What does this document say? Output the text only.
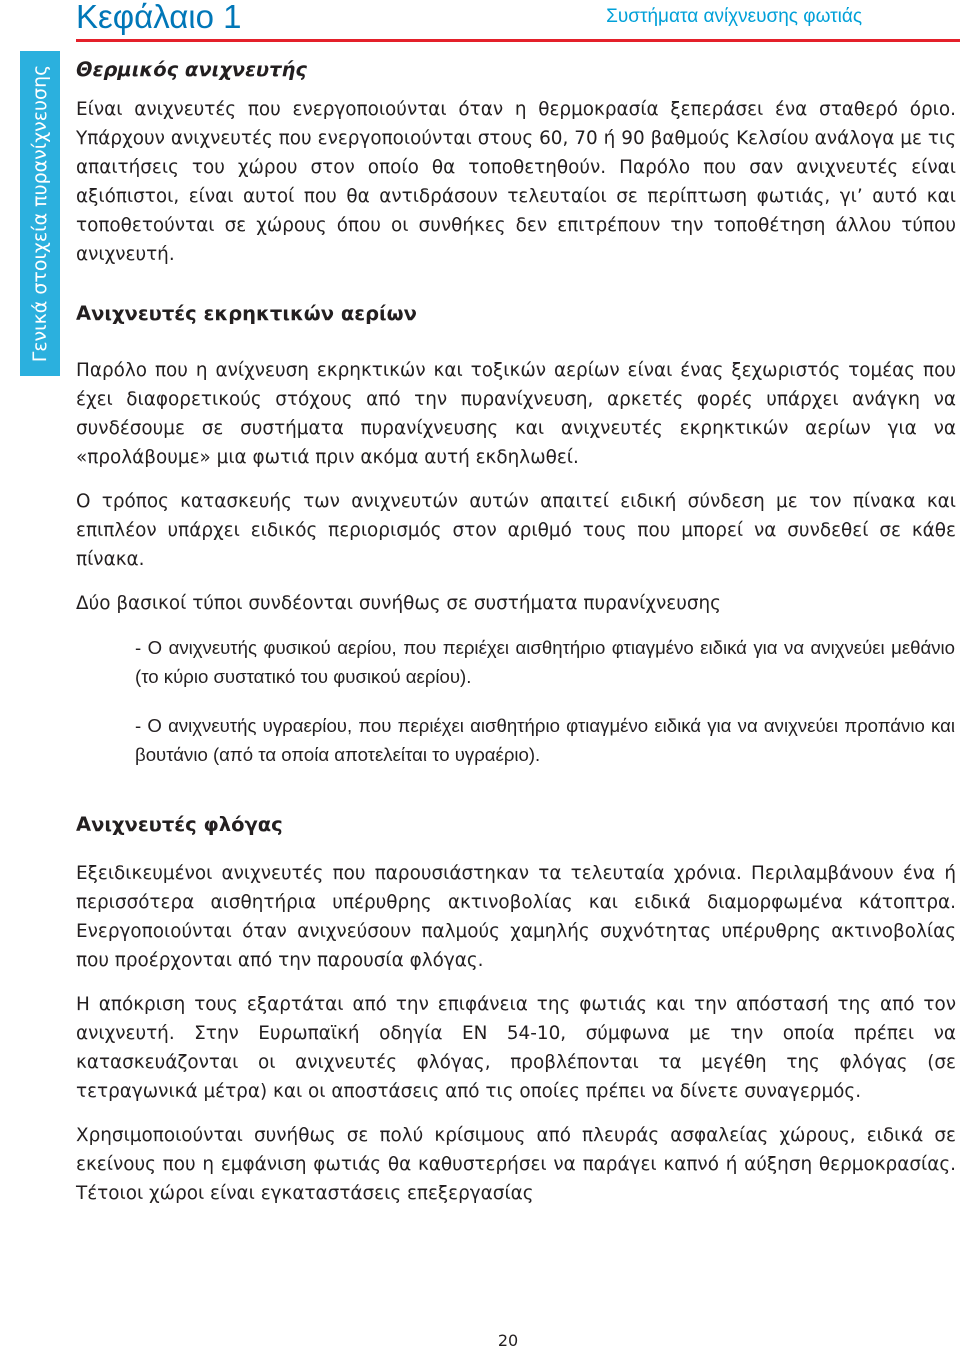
Κεφάλαιο 1	Συστήματα ανίχνευσης φωτιάς
Γενικά στοιχεία πυρανίχνευσης	Θερμικός ανιχνευτής

Είναι ανιχνευτές που ενεργοποιούνται όταν η θερμοκρασία ξεπεράσει ένα σταθερό όριο. Υπάρχουν ανιχνευτές που ενεργοποιούνται στους 60, 70 ή 90 βαθμούς Κελσίου ανάλογα με τις απαιτήσεις του χώρου στον οποίο θα τοποθετηθούν. Παρόλο που σαν ανιχνευτές είναι αξιόπιστοι, είναι αυτοί που θα αντιδράσουν τελευταίοι σε περίπτωση φωτιάς, γι’ αυτό και τοποθετούνται σε χώρους όπου οι συνθήκες δεν επιτρέπουν την τοποθέτηση άλλου τύπου ανιχνευτή.

Ανιχνευτές εκρηκτικών αερίων

Παρόλο που η ανίχνευση εκρηκτικών και τοξικών αερίων είναι ένας ξεχωριστός τομέας που έχει διαφορετικούς στόχους από την πυρανίχνευση, αρκετές φορές υπάρχει ανάγκη να συνδέσουμε σε συστήματα πυρανίχνευσης και ανιχνευτές εκρηκτικών αερίων για να «προλάβουμε» μια φωτιά πριν ακόμα αυτή εκδηλωθεί.

Ο τρόπος κατασκευής των ανιχνευτών αυτών απαιτεί ειδική σύνδεση με τον πίνακα και επιπλέον υπάρχει ειδικός περιορισμός στον αριθμό τους που μπορεί να συνδεθεί σε κάθε πίνακα.

Δύο βασικοί τύποι συνδέονται συνήθως σε συστήματα πυρανίχνευσης

- Ο ανιχνευτής φυσικού αερίου, που περιέχει αισθητήριο φτιαγμένο ειδικά για να ανιχνεύει μεθάνιο (το κύριο συστατικό του φυσικού αερίου).

- Ο ανιχνευτής υγραερίου, που περιέχει αισθητήριο φτιαγμένο ειδικά για να ανιχνεύει προπάνιο και βουτάνιο (από τα οποία αποτελείται το υγραέριο).

Ανιχνευτές φλόγας

Εξειδικευμένοι ανιχνευτές που παρουσιάστηκαν τα τελευταία χρόνια. Περιλαμβάνουν ένα ή περισσότερα αισθητήρια υπέρυθρης ακτινοβολίας και ειδικά διαμορφωμένα κάτοπτρα. Ενεργοποιούνται όταν ανιχνεύσουν παλμούς χαμηλής συχνότητας υπέρυθρης ακτινοβολίας που προέρχονται από την παρουσία φλόγας.

Η απόκριση τους εξαρτάται από την επιφάνεια της φωτιάς και την απόστασή της από τον ανιχνευτή. Στην Ευρωπαϊκή οδηγία EN 54-10, σύμφωνα με την οποία πρέπει να κατασκευάζονται οι ανιχνευτές φλόγας, προβλέπονται τα μεγέθη της φλόγας (σε τετραγωνικά μέτρα) και οι αποστάσεις από τις οποίες πρέπει να δίνετε συναγερμός.

Χρησιμοποιούνται συνήθως σε πολύ κρίσιμους από πλευράς ασφαλείας χώρους, ειδικά σε εκείνους που η εμφάνιση φωτιάς θα καθυστερήσει να παράγει καπνό ή αύξηση θερμοκρασίας. Τέτοιοι χώροι είναι εγκαταστάσεις επεξεργασίας

20
